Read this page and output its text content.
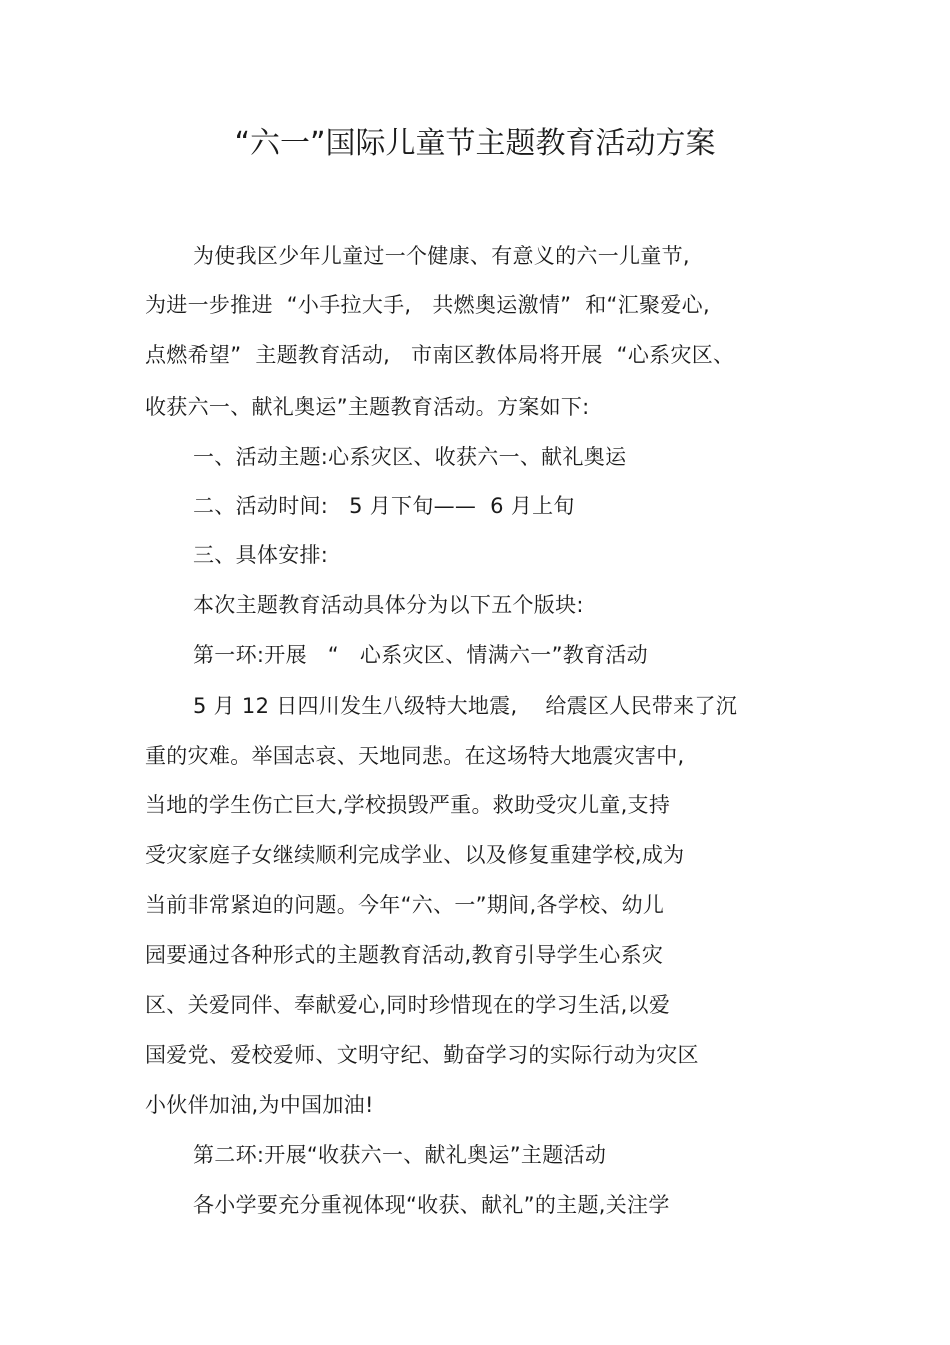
“六一”国际儿童节主题教育活动方案
为使我区少年儿童过一个健康、有意义的六一儿童节,
为进一步推进  “小手拉大手,   共燃奥运激情”  和“汇聚爱心,
点燃希望”  主题教育活动,   市南区教体局将开展  “心系灾区、
收获六一、献礼奥运”主题教育活动。方案如下:
一、活动主题:心系灾区、收获六一、献礼奥运
二、活动时间:   5 月下旬——  6 月上旬
三、具体安排:
本次主题教育活动具体分为以下五个版块:
第一环:开展   “   心系灾区、情满六一”教育活动
5 月 12 日四川发生八级特大地震,    给震区人民带来了沉
重的灾难。举国志哀、天地同悲。在这场特大地震灾害中,
当地的学生伤亡巨大,学校损毁严重。救助受灾儿童,支持
受灾家庭子女继续顺利完成学业、以及修复重建学校,成为
当前非常紧迫的问题。今年“六、一”期间,各学校、幼儿
园要通过各种形式的主题教育活动,教育引导学生心系灾
区、关爱同伴、奉献爱心,同时珍惜现在的学习生活,以爱
国爱党、爱校爱师、文明守纪、勤奋学习的实际行动为灾区
小伙伴加油,为中国加油!
第二环:开展“收获六一、献礼奥运”主题活动
各小学要充分重视体现“收获、献礼”的主题,关注学
